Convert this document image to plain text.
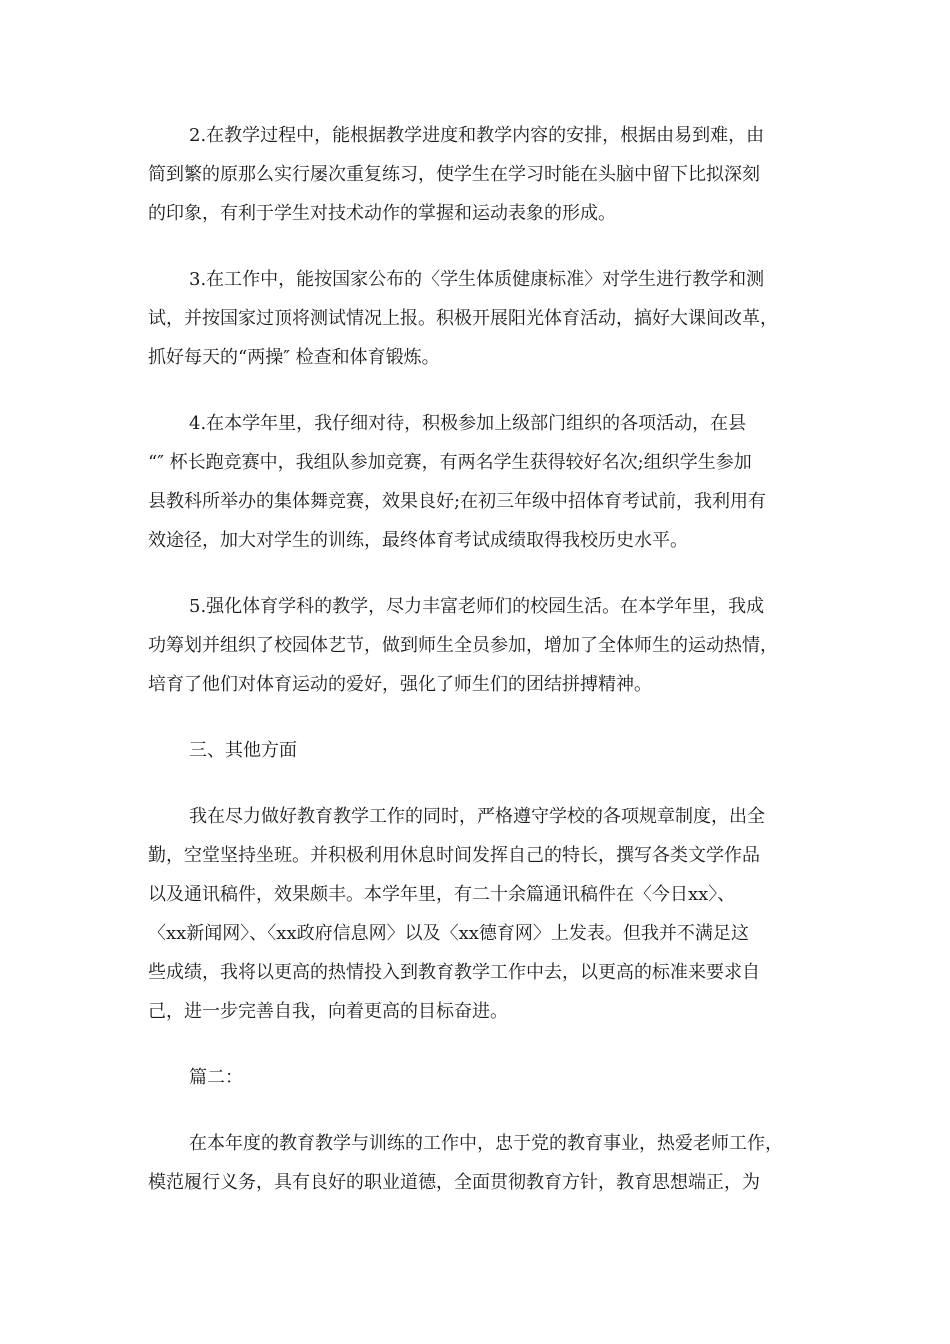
2.在教学过程中，能根据教学进度和教学内容的安排，根据由易到难，由
简到繁的原那么实行屡次重复练习，使学生在学习时能在头脑中留下比拟深刻
的印象，有利于学生对技术动作的掌握和运动表象的形成。
3.在工作中，能按国家公布的〈学生体质健康标准〉对学生进行教学和测
试，并按国家过顶将测试情况上报。积极开展阳光体育活动，搞好大课间改革，
抓好每天的“两操″ 检查和体育锻炼。
4.在本学年里，我仔细对待，积极参加上级部门组织的各项活动，在县
“″ 杯长跑竞赛中，我组队参加竞赛，有两名学生获得较好名次;组织学生参加
县教科所举办的集体舞竞赛，效果良好;在初三年级中招体育考试前，我利用有
效途径，加大对学生的训练，最终体育考试成绩取得我校历史水平。
5.强化体育学科的教学，尽力丰富老师们的校园生活。在本学年里，我成
功筹划并组织了校园体艺节，做到师生全员参加，增加了全体师生的运动热情，
培育了他们对体育运动的爱好，强化了师生们的团结拼搏精神。
三、其他方面
我在尽力做好教育教学工作的同时，严格遵守学校的各项规章制度，出全
勤，空堂坚持坐班。并积极利用休息时间发挥自己的特长，撰写各类文学作品
以及通讯稿件，效果颇丰。本学年里，有二十余篇通讯稿件在〈今日xx〉、
〈xx新闻网〉、〈xx政府信息网〉以及〈xx德育网〉上发表。但我并不满足这
些成绩，我将以更高的热情投入到教育教学工作中去，以更高的标准来要求自
己，进一步完善自我，向着更高的目标奋进。
篇二：
在本年度的教育教学与训练的工作中，忠于党的教育事业，热爱老师工作，
模范履行义务，具有良好的职业道德，全面贯彻教育方针，教育思想端正，为
